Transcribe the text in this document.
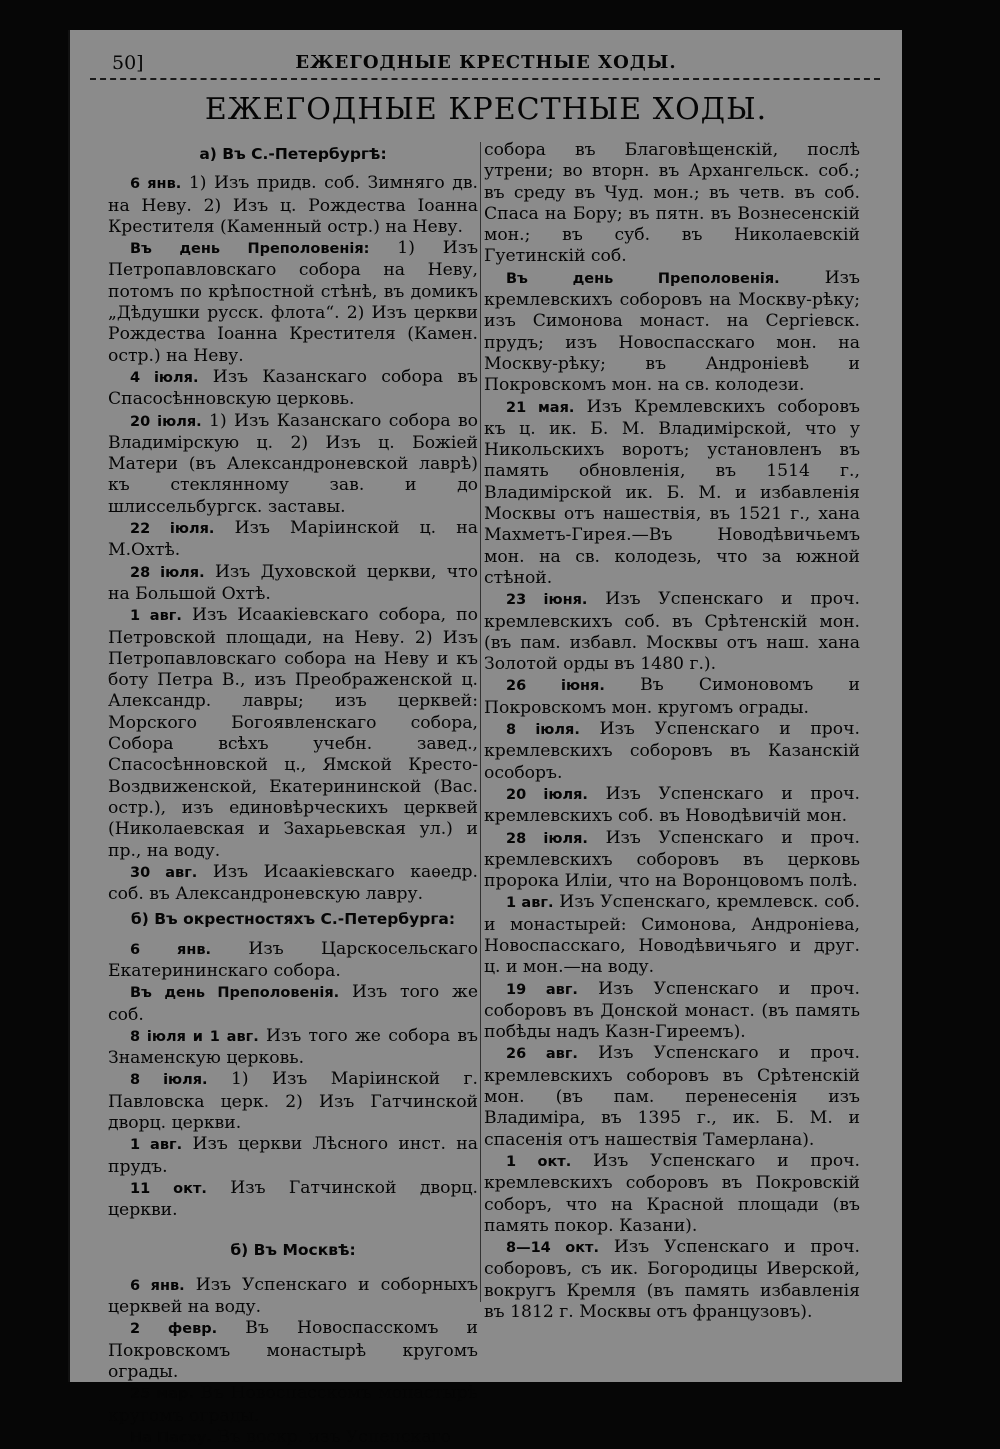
50]	ЕЖЕГОДНЫЕ КРЕСТНЫЕ ХОДЫ.
ЕЖЕГОДНЫЕ КРЕСТНЫЕ ХОДЫ.
а) Въ С.-Петербургѣ:

6 янв. 1) Изъ придв. соб. Зимняго дв. на Неву. 2) Изъ ц. Рождества Іоанна Крестителя (Каменный остр.) на Неву.

Въ день Преполовенія: 1) Изъ Петропавловскаго собора на Неву, потомъ по крѣпостной стѣнѣ, въ домикъ „Дѣдушки русск. флота“. 2) Изъ церкви Рождества Іоанна Крестителя (Камен. остр.) на Неву.

4 іюля. Изъ Казанскаго собора въ Спасосѣнновскую церковь.

20 іюля. 1) Изъ Казанскаго собора во Владимірскую ц. 2) Изъ ц. Божіей Матери (въ Александроневской лаврѣ) къ стеклянному зав. и до шлиссельбургск. заставы.

22 іюля. Изъ Маріинской ц. на М.Охтѣ.

28 іюля. Изъ Духовской церкви, что на Большой Охтѣ.

1 авг. Изъ Исаакіевскаго собора, по Петровской площади, на Неву. 2) Изъ Петропавловскаго собора на Неву и къ боту Петра В., изъ Преображенской ц. Александр. лавры; изъ церквей: Морского Богоявленскаго собора, Собора всѣхъ учебн. завед., Спасосѣнновской ц., Ямской Кресто-Воздвиженской, Екатерининской (Вас. остр.), изъ единовѣрческихъ церквей (Николаевская и Захарьевская ул.) и пр., на воду.

30 авг. Изъ Исаакіевскаго каѳедр. соб. въ Александроневскую лавру.

б) Въ окрестностяхъ С.-Петербурга:

6 янв. Изъ Царскосельскаго Екатерининскаго собора.

Въ день Преполовенія. Изъ того же соб.

8 іюля и 1 авг. Изъ того же собора въ Знаменскую церковь.

8 іюля. 1) Изъ Маріинской г. Павловска церк. 2) Изъ Гатчинской дворц. церкви.

1 авг. Изъ церкви Лѣсного инст. на прудъ.

11 окт. Изъ Гатчинской дворц. церкви.

б) Въ Москвѣ:

6 янв. Изъ Успенскаго и соборныхъ церквей на воду.

2 февр. Въ Новоспасскомъ и Покровскомъ монастырѣ кругомъ ограды.

25 мар. Въ Новоспасскомъ монастырѣ кругомъ ограды.

На Пасху. Въ воскр. изъ Успенскаго

собора въ Благовѣщенскій, послѣ утрени; во вторн. въ Архангельск. соб.; въ среду въ Чуд. мон.; въ четв. въ соб. Спаса на Бору; въ пятн. въ Вознесенскій мон.; въ суб. въ Николаевскій Гуетинскій соб.

Въ день Преполовенія. Изъ кремлевскихъ соборовъ на Москву-рѣку; изъ Симонова монаст. на Сергіевск. прудъ; изъ Новоспасскаго мон. на Москву-рѣку; въ Андроніевѣ и Покровскомъ мон. на св. колодези.

21 мая. Изъ Кремлевскихъ соборовъ къ ц. ик. Б. М. Владимірской, что у Никольскихъ воротъ; установленъ въ память обновленія, въ 1514 г., Владимірской ик. Б. М. и избавленія Москвы отъ нашествія, въ 1521 г., хана Махметъ-Гирея.—Въ Новодѣвичьемъ мон. на св. колодезь, что за южной стѣной.

23 іюня. Изъ Успенскаго и проч. кремлевскихъ соб. въ Срѣтенскій мон. (въ пам. избавл. Москвы отъ наш. хана Золотой орды въ 1480 г.).

26 іюня. Въ Симоновомъ и Покровскомъ мон. кругомъ ограды.

8 іюля. Изъ Успенскаго и проч. кремлевскихъ соборовъ въ Казанскій особоръ.

20 іюля. Изъ Успенскаго и проч. кремлевскихъ соб. въ Новодѣвичій мон.

28 іюля. Изъ Успенскаго и проч. кремлевскихъ соборовъ въ церковь пророка Иліи, что на Воронцовомъ полѣ.

1 авг. Изъ Успенскаго, кремлевск. соб. и монастырей: Симонова, Андроніева, Новоспасскаго, Новодѣвичьяго и друг. ц. и мон.—на воду.

19 авг. Изъ Успенскаго и проч. соборовъ въ Донской монаст. (въ память побѣды надъ Казн-Гиреемъ).

26 авг. Изъ Успенскаго и проч. кремлевскихъ соборовъ въ Срѣтенскій мон. (въ пам. перенесенія изъ Владиміра, въ 1395 г., ик. Б. М. и спасенія отъ нашествія Тамерлана).

1 окт. Изъ Успенскаго и проч. кремлевскихъ соборовъ въ Покровскій соборъ, что на Красной площади (въ память покор. Казани).

8—14 окт. Изъ Успенскаго и проч. соборовъ, съ ик. Богородицы Иверской, вокругъ Кремля (въ память избавленія въ 1812 г. Москвы отъ французовъ).
